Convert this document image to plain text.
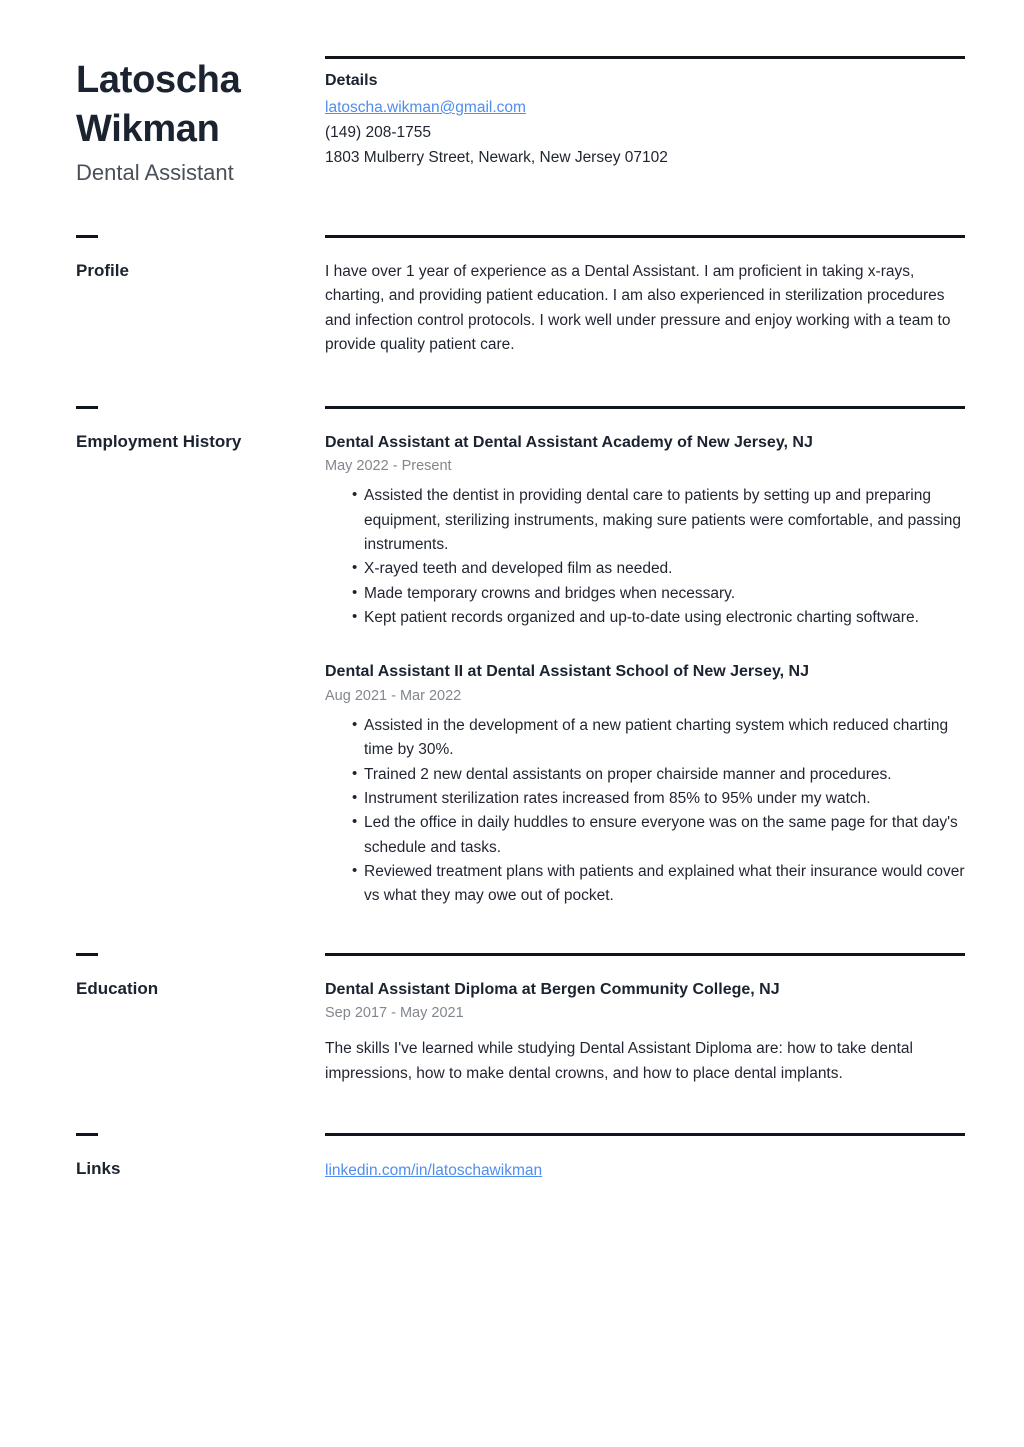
Latoscha
Wikman
Dental Assistant
Details
latoscha.wikman@gmail.com
(149) 208-1755
1803 Mulberry Street, Newark, New Jersey 07102
Profile	I have over 1 year of experience as a Dental Assistant. I am proficient in taking x-rays, charting, and providing patient education. I am also experienced in sterilization procedures and infection control protocols. I work well under pressure and enjoy working with a team to provide quality patient care.

Employment History	Dental Assistant at Dental Assistant Academy of New Jersey, NJ
May 2022 - Present
• Assisted the dentist in providing dental care to patients by setting up and preparing equipment, sterilizing instruments, making sure patients were comfortable, and passing instruments.
• X-rayed teeth and developed film as needed.
• Made temporary crowns and bridges when necessary.
• Kept patient records organized and up-to-date using electronic charting software.
Dental Assistant II at Dental Assistant School of New Jersey, NJ
Aug 2021 - Mar 2022
• Assisted in the development of a new patient charting system which reduced charting time by 30%.
• Trained 2 new dental assistants on proper chairside manner and procedures.
• Instrument sterilization rates increased from 85% to 95% under my watch.
• Led the office in daily huddles to ensure everyone was on the same page for that day's schedule and tasks.
• Reviewed treatment plans with patients and explained what their insurance would cover vs what they may owe out of pocket.
Education	Dental Assistant Diploma at Bergen Community College, NJ
Sep 2017 - May 2021

The skills I've learned while studying Dental Assistant Diploma are: how to take dental impressions, how to make dental crowns, and how to place dental implants.

Links	linkedin.com/in/latoschawikman
